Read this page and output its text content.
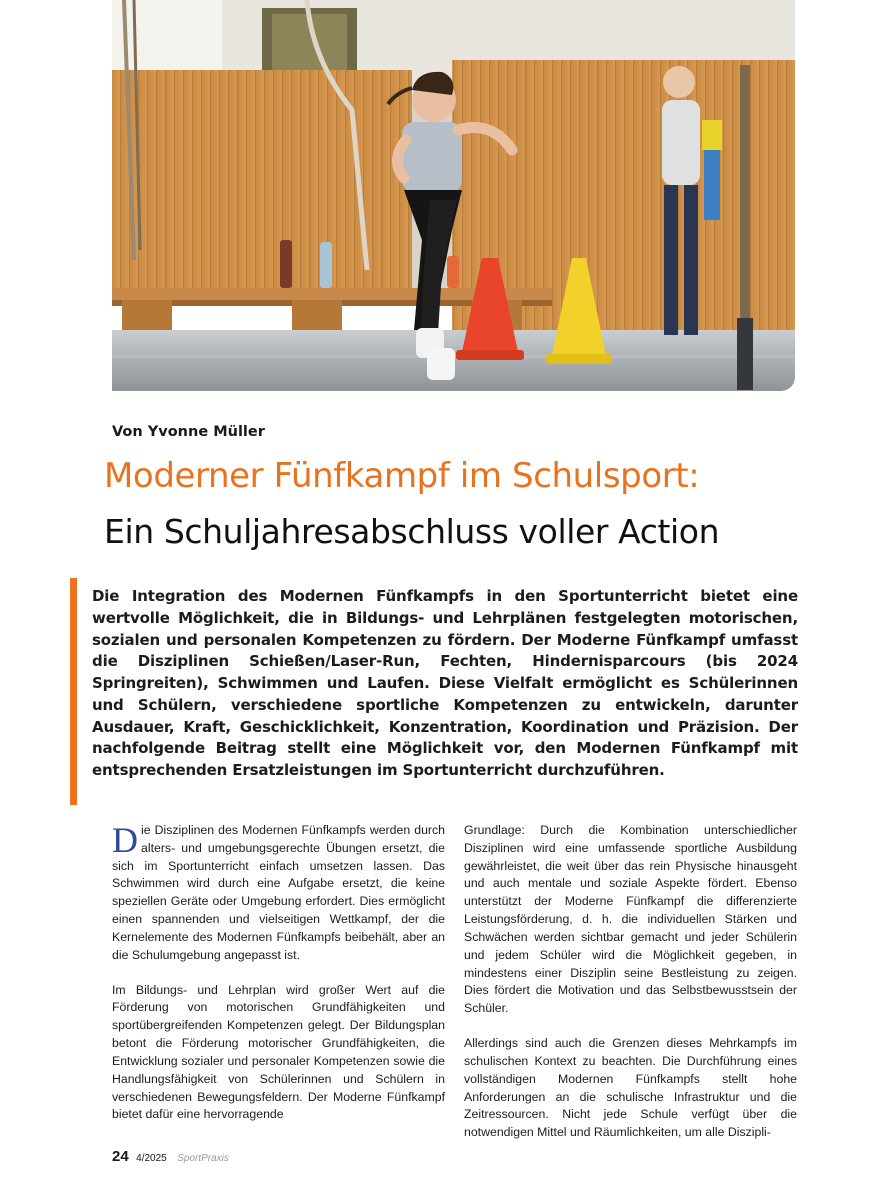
Von Yvonne Müller
Moderner Fünfkampf im Schulsport:
Ein Schuljahresabschluss voller Action

Die Integration des Modernen Fünfkampfs in den Sportunterricht bietet eine wertvolle Möglichkeit, die in Bildungs- und Lehrplänen festgelegten motorischen, sozialen und personalen Kompetenzen zu fördern. Der Moderne Fünfkampf umfasst die Disziplinen Schießen/Laser-Run, Fechten, Hindernisparcours (bis 2024 Springreiten), Schwimmen und Laufen. Diese Vielfalt ermöglicht es Schülerinnen und Schülern, verschiedene sportliche Kompetenzen zu entwickeln, darunter Ausdauer, Kraft, Geschicklichkeit, Konzentration, Koordination und Präzision. Der nachfolgende Beitrag stellt eine Möglichkeit vor, den Modernen Fünfkampf mit entsprechenden Ersatzleistungen im Sportunterricht durchzuführen.

Die Disziplinen des Modernen Fünfkampfs werden durch alters- und umgebungsgerechte Übungen ersetzt, die sich im Sportunterricht einfach umsetzen lassen. Das Schwimmen wird durch eine Aufgabe ersetzt, die keine speziellen Geräte oder Umgebung erfordert. Dies ermöglicht einen spannenden und vielseitigen Wettkampf, der die Kernelemente des Modernen Fünfkampfs beibehält, aber an die Schulumgebung angepasst ist.

Im Bildungs- und Lehrplan wird großer Wert auf die Förderung von motorischen Grundfähigkeiten und sportübergreifenden Kompetenzen gelegt. Der Bildungsplan betont die Förderung motorischer Grundfähigkeiten, die Entwicklung sozialer und personaler Kompetenzen sowie die Handlungsfähigkeit von Schülerinnen und Schülern in verschiedenen Bewegungsfeldern. Der Moderne Fünfkampf bietet dafür eine hervorragende

Grundlage: Durch die Kombination unterschiedlicher Disziplinen wird eine umfassende sportliche Ausbildung gewährleistet, die weit über das rein Physische hinausgeht und auch mentale und soziale Aspekte fördert. Ebenso unterstützt der Moderne Fünfkampf die differenzierte Leistungsförderung, d. h. die individuellen Stärken und Schwächen werden sichtbar gemacht und jeder Schülerin und jedem Schüler wird die Möglichkeit gegeben, in mindestens einer Disziplin seine Bestleistung zu zeigen. Dies fördert die Motivation und das Selbstbewusstsein der Schüler.

Allerdings sind auch die Grenzen dieses Mehrkampfs im schulischen Kontext zu beachten. Die Durchführung eines vollständigen Modernen Fünfkampfs stellt hohe Anforderungen an die schulische Infrastruktur und die Zeitressourcen. Nicht jede Schule verfügt über die notwendigen Mittel und Räumlichkeiten, um alle Diszipli-

24 4/2025 SportPraxis
